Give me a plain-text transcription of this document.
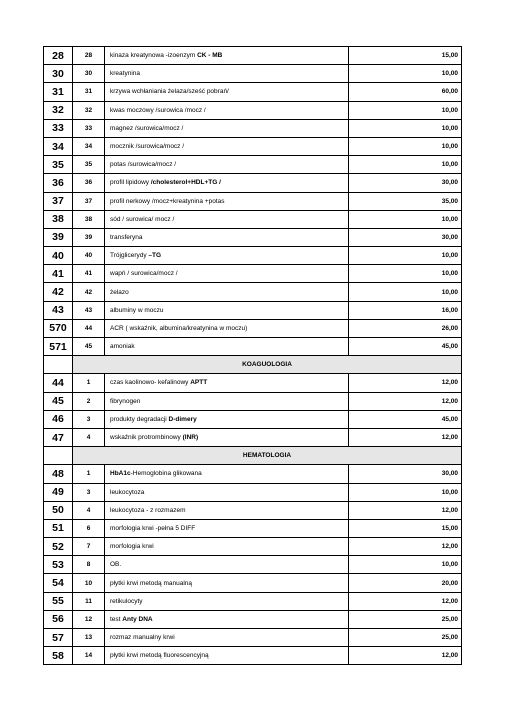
28	28	kinaza kreatynowa -izoenzym CK - MB	15,00
30	30	kreatynina	10,00
31	31	krzywa wchłaniania żelaza/sześć pobrań/	60,00
32	32	kwas moczowy /surowica /mocz /	10,00
33	33	magnez /surowica/mocz /	10,00
34	34	mocznik /surowica/mocz /	10,00
35	35	potas /surowica/mocz /	10,00
36	36	profil lipidowy /cholesterol+HDL+TG /	30,00
37	37	profil nerkowy /mocz+kreatynina +potas	35,00
38	38	sód / surowica/ mocz /	10,00
39	39	transferyna	30,00
40	40	Trójglicerydy –TG	10,00
41	41	wapń / surowica/mocz /	10,00
42	42	żelazo	10,00
43	43	albuminy w moczu	16,00
570	44	ACR ( wskaźnik, albumina/kreatynina w moczu)	26,00
571	45	amoniak	45,00
	KOAGUOLOGIA		
44	1	czas kaolinowo- kefalinowy APTT	12,00
45	2	fibrynogen	12,00
46	3	produkty degradacji D-dimery	45,00
47	4	wskaźnik protrombinowy (INR)	12,00
	HEMATOLOGIA		
48	1	HbA1c-Hemoglobina glikowana	30,00
49	3	leukocytoza	10,00
50	4	leukocytoza - z rozmazem	12,00
51	6	morfologia krwi -pełna 5 DIFF	15,00
52	7	morfologia krwi	12,00
53	8	OB.	10,00
54	10	płytki krwi metodą manualną	20,00
55	11	retikulocyty	12,00
56	12	test Anty DNA	25,00
57	13	rozmaz manualny krwi	25,00
58	14	płytki krwi metodą fluorescencyjną	12,00
